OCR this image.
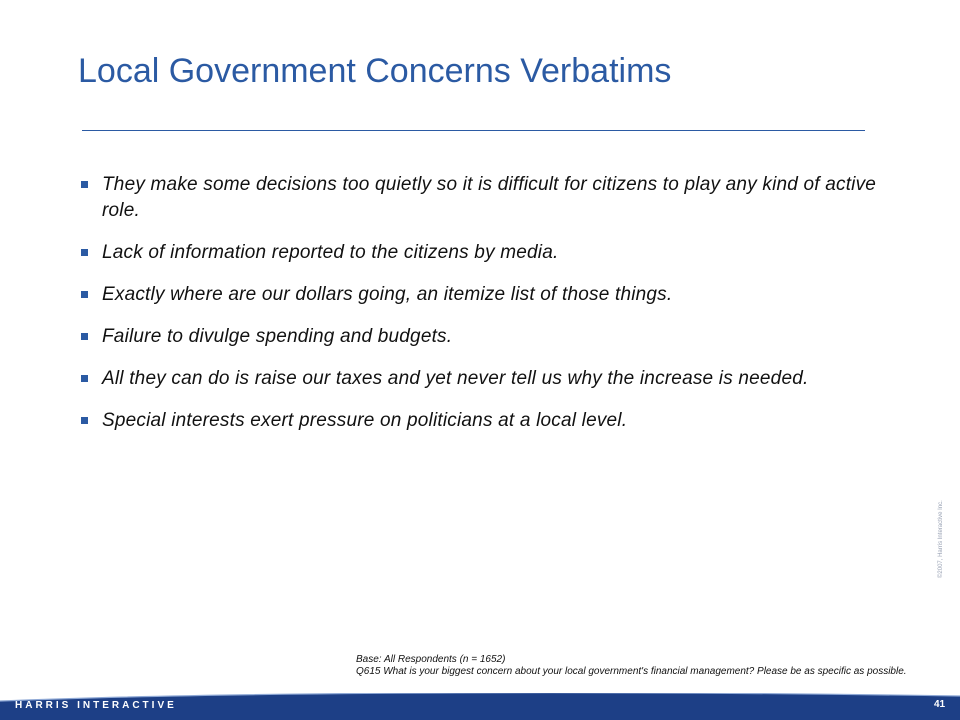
Local Government Concerns Verbatims
They make some decisions too quietly so it is difficult for citizens to play any kind of active role.
Lack of information reported to the citizens by media.
Exactly where are our dollars going, an itemize list of those things.
Failure to divulge spending and budgets.
All they can do is raise our taxes and yet never tell us why the increase is needed.
Special interests exert pressure on politicians at a local level.
Base: All Respondents (n = 1652)
Q615 What is your biggest concern about your local government's financial management? Please be as specific as possible.
©2007, Harris Interactive Inc.
HARRIS INTERACTIVE	41
